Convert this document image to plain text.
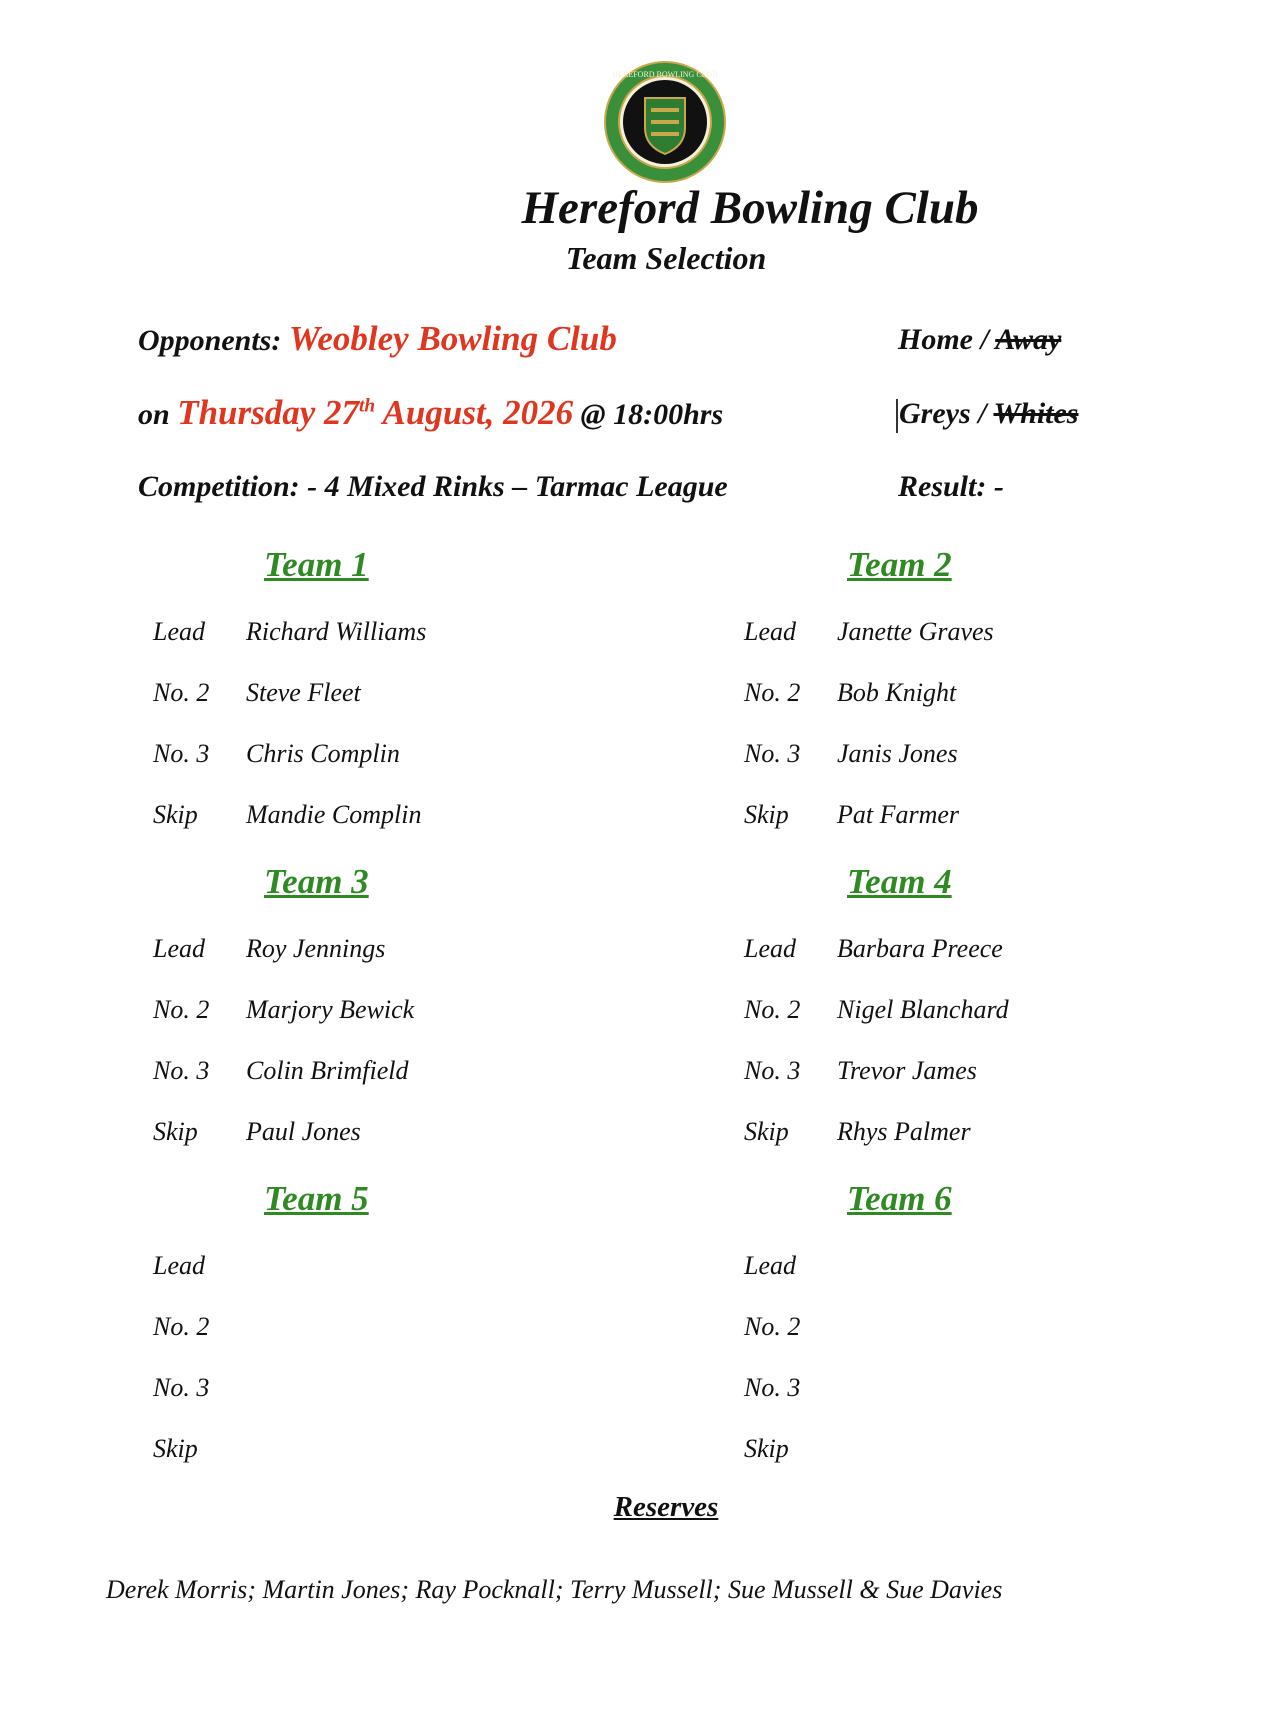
HEREFORD BOWLING CLUB
Hereford Bowling Club
Team Selection
Opponents: Weobley Bowling Club
on Thursday 27th August, 2026 @ 18:00hrs
Competition: - 4 Mixed Rinks – Tarmac League
Home / Away
Greys / Whites
Result: -
Team 1
Lead Richard Williams
No. 2 Steve Fleet
No. 3 Chris Complin
Skip Mandie Complin
Team 2
Lead Janette Graves
No. 2 Bob Knight
No. 3 Janis Jones
Skip Pat Farmer
Team 3
Lead Roy Jennings
No. 2 Marjory Bewick
No. 3 Colin Brimfield
Skip Paul Jones
Team 4
Lead Barbara Preece
No. 2 Nigel Blanchard
No. 3 Trevor James
Skip Rhys Palmer
Team 5
Lead
No. 2
No. 3
Skip
Team 6
Lead
No. 2
No. 3
Skip
Reserves
Derek Morris; Martin Jones; Ray Pocknall; Terry Mussell; Sue Mussell & Sue Davies
